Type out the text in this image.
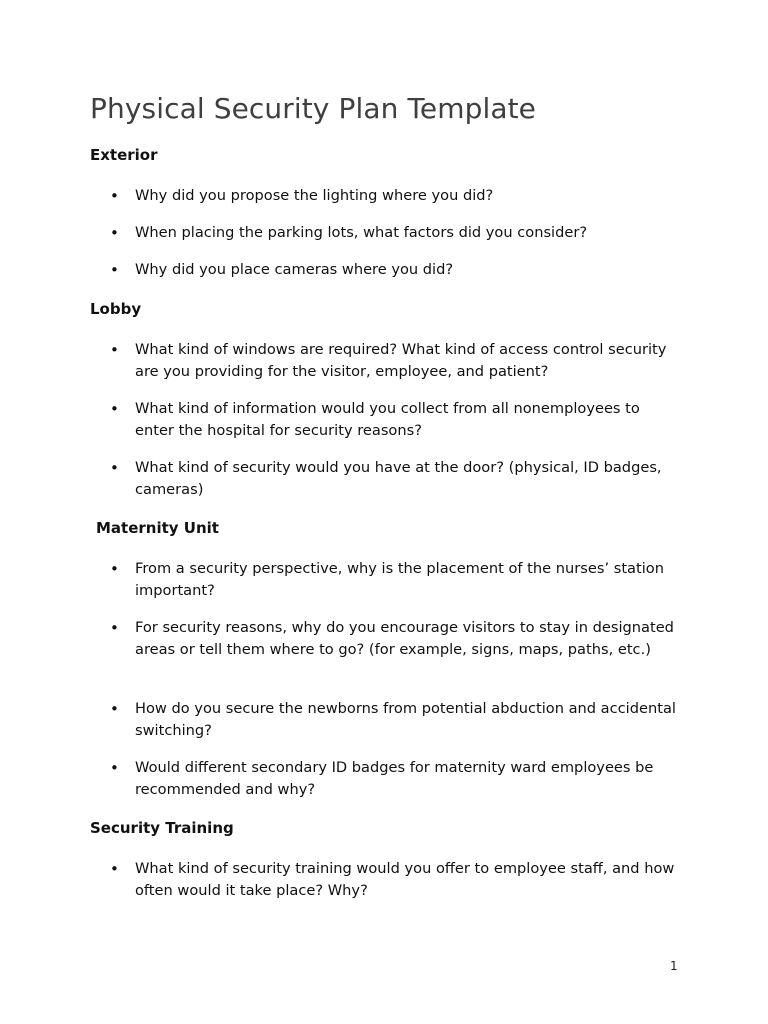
Physical Security Plan Template
Exterior
• Why did you propose the lighting where you did?
• When placing the parking lots, what factors did you consider?
• Why did you place cameras where you did?
Lobby
• What kind of windows are required? What kind of access control security are you providing for the visitor, employee, and patient?
• What kind of information would you collect from all nonemployees to enter the hospital for security reasons?
• What kind of security would you have at the door? (physical, ID badges, cameras)
Maternity Unit
• From a security perspective, why is the placement of the nurses’ station important?
• For security reasons, why do you encourage visitors to stay in designated areas or tell them where to go? (for example, signs, maps, paths, etc.)
• How do you secure the newborns from potential abduction and accidental switching?
• Would different secondary ID badges for maternity ward employees be recommended and why?
Security Training
• What kind of security training would you offer to employee staff, and how often would it take place? Why?
1
